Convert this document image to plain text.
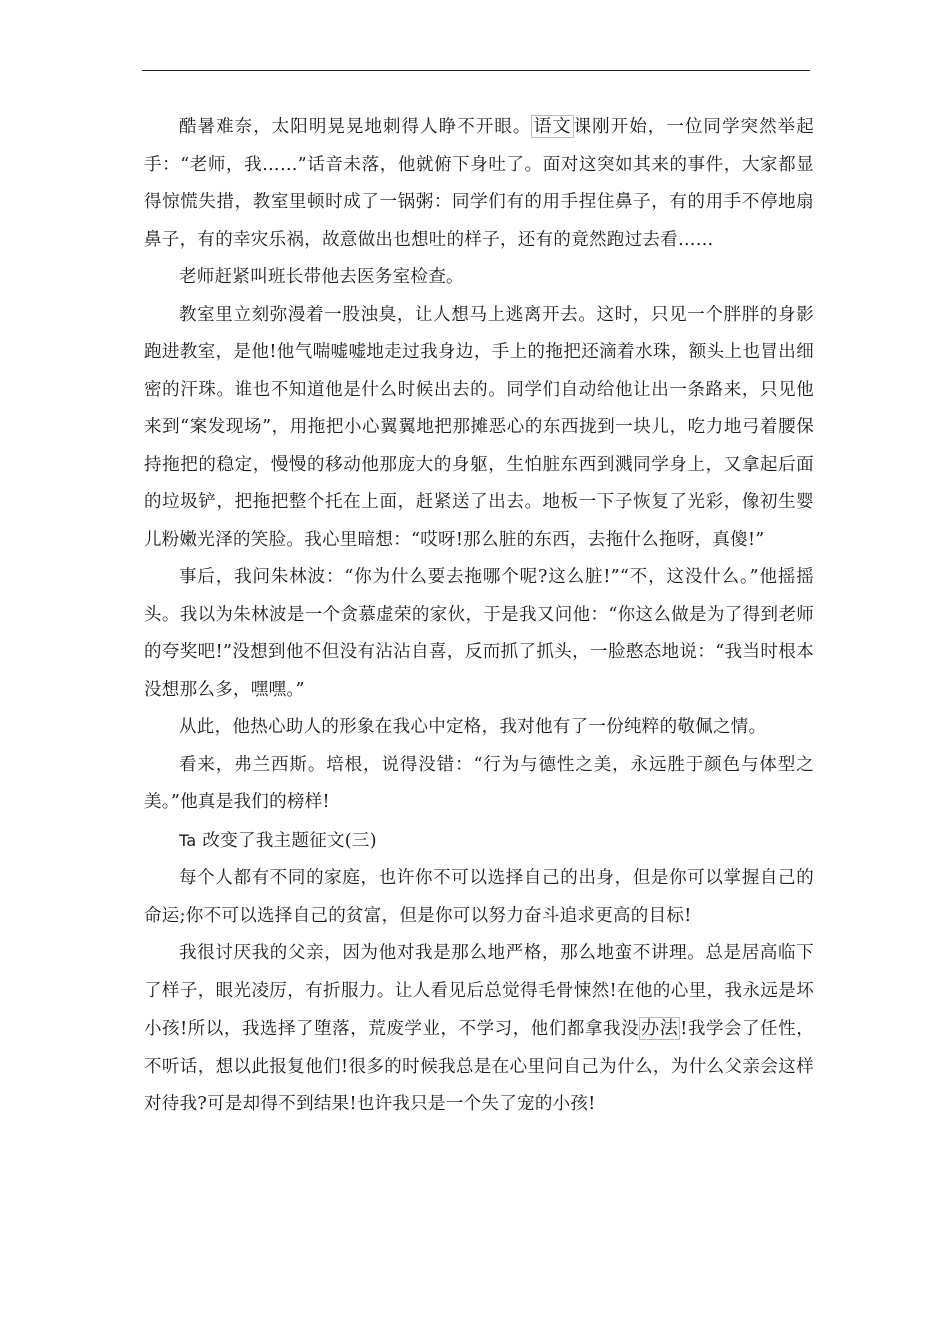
酷暑难奈，太阳明晃晃地刺得人睁不开眼。 语文 课刚开始，一位同学突然举起手：“老师，我……”话音未落，他就俯下身吐了。面对这突如其来的事件，大家都显得惊慌失措，教室里顿时成了一锅粥：同学们有的用手捏住鼻子，有的用手不停地扇鼻子，有的幸灾乐祸，故意做出也想吐的样子，还有的竟然跑过去看……

老师赶紧叫班长带他去医务室检查。

教室里立刻弥漫着一股浊臭，让人想马上逃离开去。这时，只见一个胖胖的身影跑进教室，是他!他气喘嘘嘘地走过我身边，手上的拖把还滴着水珠，额头上也冒出细密的汗珠。谁也不知道他是什么时候出去的。同学们自动给他让出一条路来，只见他来到“案发现场”，用拖把小心翼翼地把那摊恶心的东西拢到一块儿，吃力地弓着腰保持拖把的稳定，慢慢的移动他那庞大的身躯，生怕脏东西到溅同学身上，又拿起后面的垃圾铲，把拖把整个托在上面，赶紧送了出去。地板一下子恢复了光彩，像初生婴儿粉嫩光泽的笑脸。我心里暗想：“哎呀!那么脏的东西，去拖什么拖呀，真傻!”

事后，我问朱林波：“你为什么要去拖哪个呢?这么脏!”“不，这没什么。”他摇摇头。我以为朱林波是一个贪慕虚荣的家伙，于是我又问他：“你这么做是为了得到老师的夸奖吧!”没想到他不但没有沾沾自喜，反而抓了抓头，一脸憨态地说：“我当时根本没想那么多，嘿嘿。”

从此，他热心助人的形象在我心中定格，我对他有了一份纯粹的敬佩之情。

看来，弗兰西斯。培根，说得没错：“行为与德性之美，永远胜于颜色与体型之美。”他真是我们的榜样!

Ta 改变了我主题征文(三)

每个人都有不同的家庭，也许你不可以选择自己的出身，但是你可以掌握自己的命运;你不可以选择自己的贫富，但是你可以努力奋斗追求更高的目标!

我很讨厌我的父亲，因为他对我是那么地严格，那么地蛮不讲理。总是居高临下了样子，眼光凌厉，有折服力。让人看见后总觉得毛骨悚然!在他的心里，我永远是坏小孩!所以，我选择了堕落，荒废学业，不学习，他们都拿我没 办法 !我学会了任性，不听话，想以此报复他们!很多的时候我总是在心里问自己为什么，为什么父亲会这样对待我?可是却得不到结果!也许我只是一个失了宠的小孩!
